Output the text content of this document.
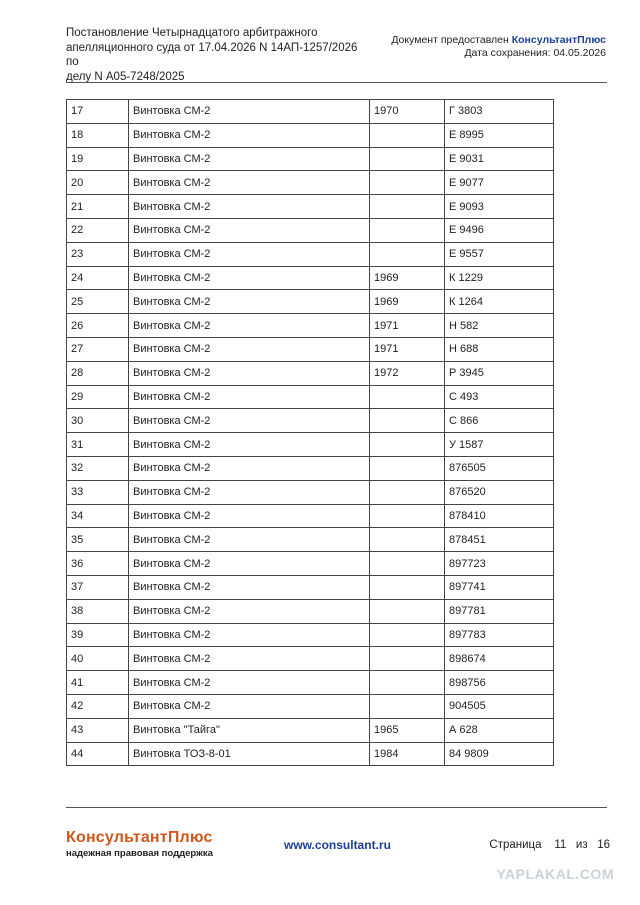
Постановление Четырнадцатого арбитражного
апелляционного суда от 17.04.2026 N 14АП-1257/2026 по
делу N А05-7248/2025
Документ предоставлен КонсультантПлюс
Дата сохранения: 04.05.2026
17	Винтовка СМ-2	1970	Г 3803
18	Винтовка СМ-2		Е 8995
19	Винтовка СМ-2		Е 9031
20	Винтовка СМ-2		Е 9077
21	Винтовка СМ-2		Е 9093
22	Винтовка СМ-2		Е 9496
23	Винтовка СМ-2		Е 9557
24	Винтовка СМ-2	1969	К 1229
25	Винтовка СМ-2	1969	К 1264
26	Винтовка СМ-2	1971	Н 582
27	Винтовка СМ-2	1971	Н 688
28	Винтовка СМ-2	1972	Р 3945
29	Винтовка СМ-2		С 493
30	Винтовка СМ-2		С 866
31	Винтовка СМ-2		У 1587
32	Винтовка СМ-2		876505
33	Винтовка СМ-2		876520
34	Винтовка СМ-2		878410
35	Винтовка СМ-2		878451
36	Винтовка СМ-2		897723
37	Винтовка СМ-2		897741
38	Винтовка СМ-2		897781
39	Винтовка СМ-2		897783
40	Винтовка СМ-2		898674
41	Винтовка СМ-2		898756
42	Винтовка СМ-2		904505
43	Винтовка "Тайга"	1965	А 628
44	Винтовка ТОЗ-8-01	1984	84 9809
КонсультантПлюс
надежная правовая поддержка
www.consultant.ru	Страница 11 из 16
YAPLAKAL.COM
